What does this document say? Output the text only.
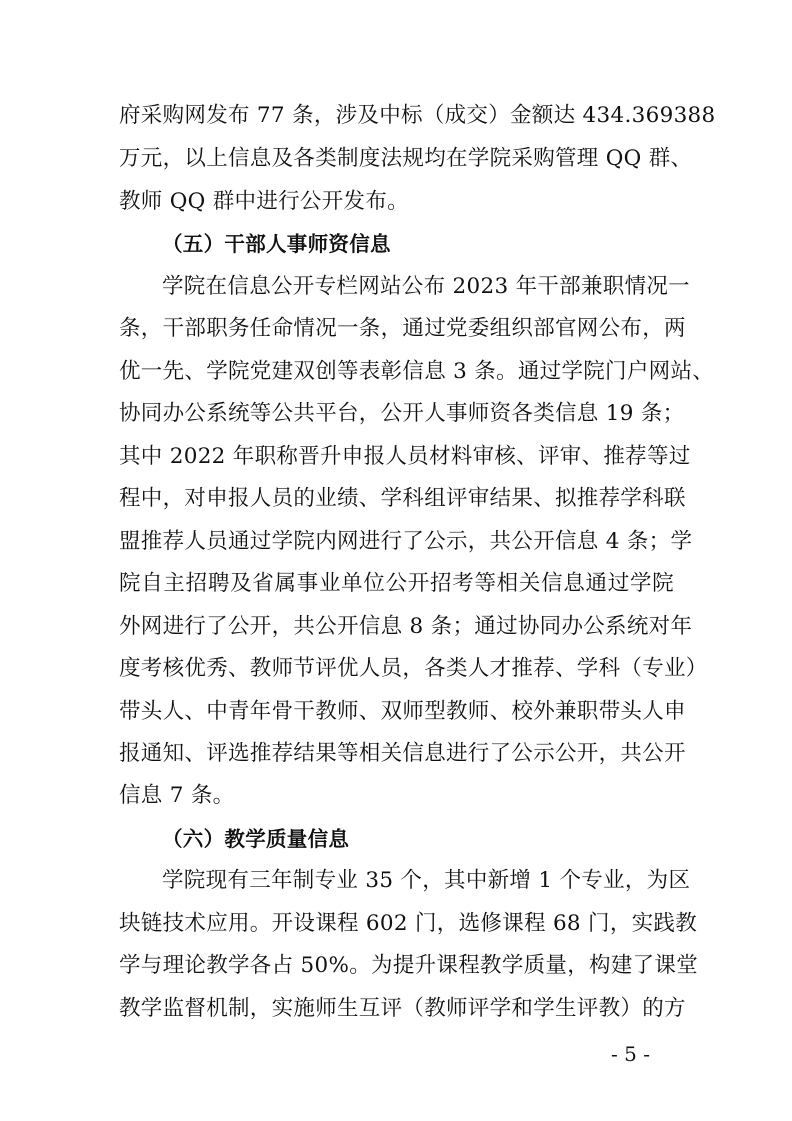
府采购网发布 77 条，涉及中标（成交）金额达 434.369388
万元，以上信息及各类制度法规均在学院采购管理 QQ 群、
教师 QQ 群中进行公开发布。
（五）干部人事师资信息
学院在信息公开专栏网站公布 2023 年干部兼职情况一
条，干部职务任命情况一条，通过党委组织部官网公布，两
优一先、学院党建双创等表彰信息 3 条。通过学院门户网站、
协同办公系统等公共平台，公开人事师资各类信息 19 条；
其中 2022 年职称晋升申报人员材料审核、评审、推荐等过
程中，对申报人员的业绩、学科组评审结果、拟推荐学科联
盟推荐人员通过学院内网进行了公示，共公开信息 4 条；学
院自主招聘及省属事业单位公开招考等相关信息通过学院
外网进行了公开，共公开信息 8 条；通过协同办公系统对年
度考核优秀、教师节评优人员，各类人才推荐、学科（专业）
带头人、中青年骨干教师、双师型教师、校外兼职带头人申
报通知、评选推荐结果等相关信息进行了公示公开，共公开
信息 7 条。
（六）教学质量信息
学院现有三年制专业 35 个，其中新增 1 个专业，为区
块链技术应用。开设课程 602 门，选修课程 68 门，实践教
学与理论教学各占 50%。为提升课程教学质量，构建了课堂
教学监督机制，实施师生互评（教师评学和学生评教）的方
- 5 -
